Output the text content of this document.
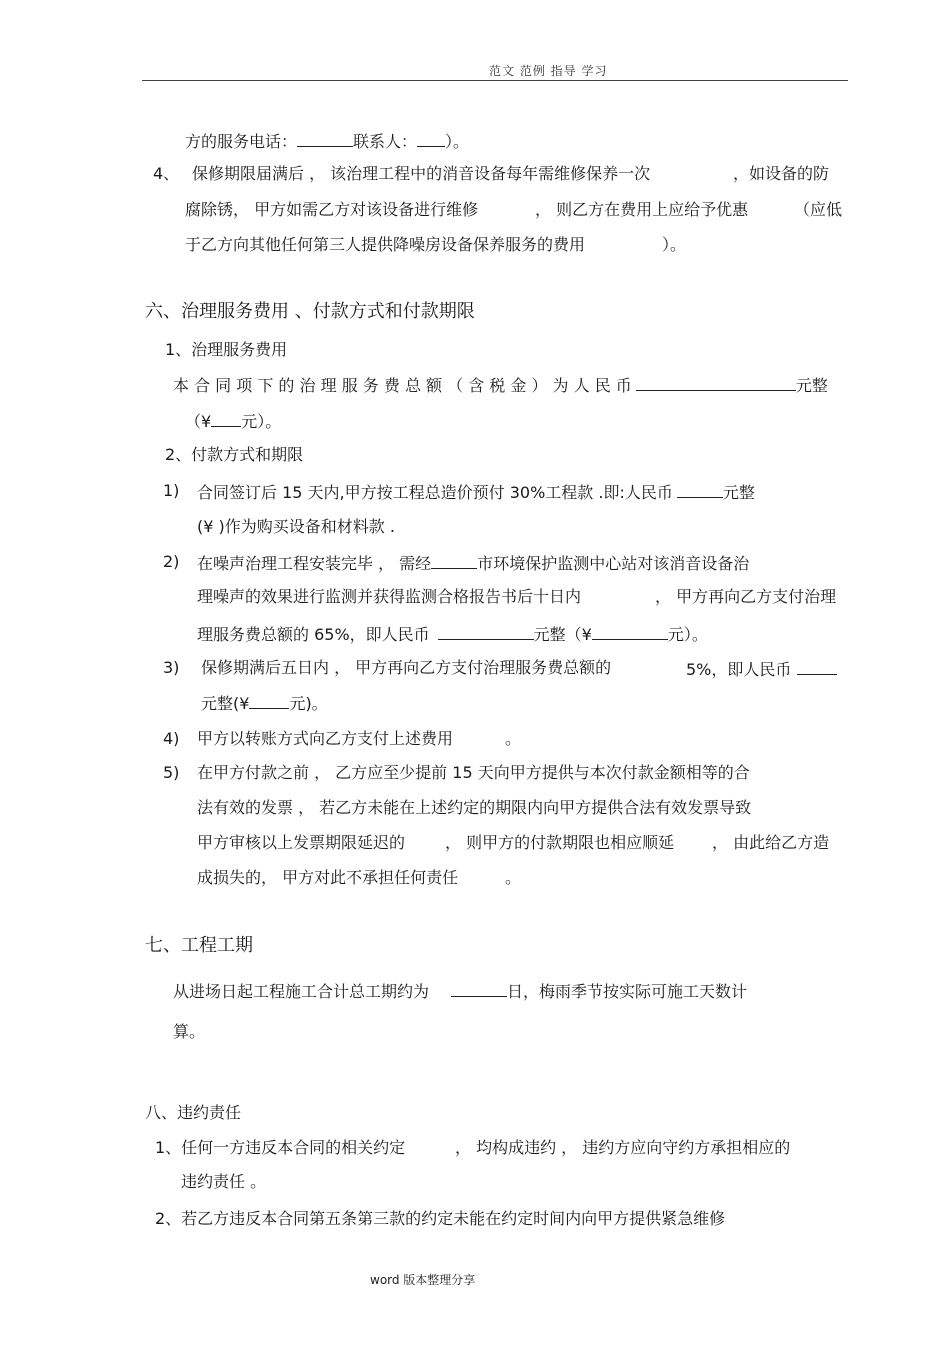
范文 范例 指导 学习
方的服务电话：	联系人： ）。
4、 保修期限届满后 ， 该治理工程中的消音设备每年需维修保养一次	，如设备的防
腐除锈， 甲方如需乙方对该设备进行维修	， 则乙方在费用上应给予优惠	（应低
于乙方向其他任何第三人提供降噪房设备保养服务的费用	）。
六、治理服务费用 、付款方式和付款期限
1、治理服务费用
本 合 同 项 下 的 治 理 服 务 费 总 额 （ 含 税 金 ） 为 人 民 币	元整
（¥ 元）。
2、付款方式和期限
1) 合同签订后 15 天内,甲方按工程总造价预付 30%工程款 .即:人民币	元整
(¥ )作为购买设备和材料款 .
2) 在噪声治理工程安装完毕 ， 需经	市环境保护监测中心站对该消音设备治
理噪声的效果进行监测并获得监测合格报告书后十日内	， 甲方再向乙方支付治理
理服务费总额的 65%，即人民币	元整（¥	元）。
3) 保修期满后五日内 ， 甲方再向乙方支付治理服务费总额的	5%，即人民币
元整(¥	元)。
4) 甲方以转账方式向乙方支付上述费用	。
5) 在甲方付款之前 ， 乙方应至少提前 15 天向甲方提供与本次付款金额相等的合
法有效的发票 ， 若乙方未能在上述约定的期限内向甲方提供合法有效发票导致
甲方审核以上发票期限延迟的 ， 则甲方的付款期限也相应顺延 ， 由此给乙方造
成损失的， 甲方对此不承担任何责任	。
七、工程工期
从进场日起工程施工合计总工期约为	日，梅雨季节按实际可施工天数计
算。
八、违约责任
1、任何一方违反本合同的相关约定	， 均构成违约 ， 违约方应向守约方承担相应的
违约责任 。
2、若乙方违反本合同第五条第三款的约定未能在约定时间内向甲方提供紧急维修
word 版本整理分享
